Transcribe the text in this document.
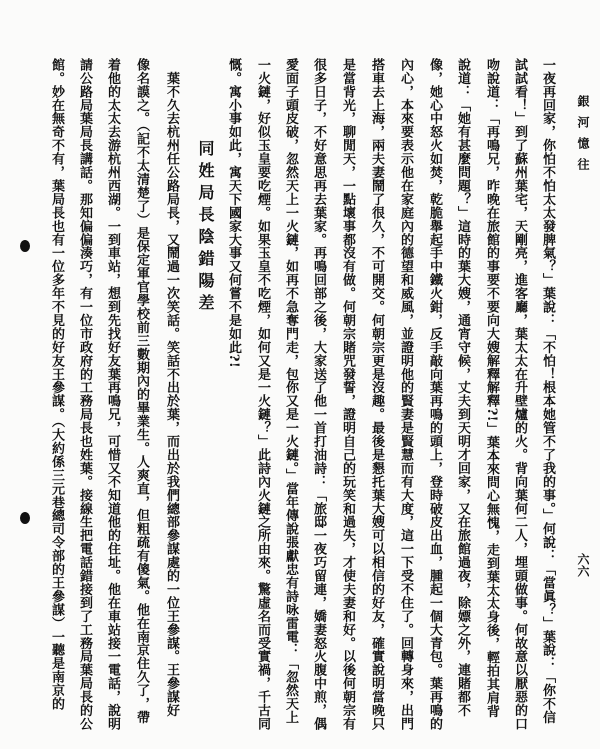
銀河憶往
六六
一夜再回家，你怕不怕太太發脾氣？」葉說：「不怕！根本她管不了我的事。」何說：「當眞？」葉說：「你不信
試試看！」到了蘇州葉宅，天剛亮，進客廳，葉太太在升壁爐的火。背向葉何二人，埋頭做事。何故意以厭惡的口
吻說道：「再鳴兄，昨晚在旅館的事要不要向大嫂解釋解釋?!」葉本來問心無愧，走到葉太太身後，輕拍其肩背
說道：「她有甚麼問題？」這時的葉大嫂，通宵守候，丈夫到天明才回家，又在旅館過夜，除嫖之外，連賭都不
像，她心中怒火如焚，乾脆舉起手中鐵火鉗，反手敲向葉再鳴的頭上，登時破皮出血，腫起一個大青包。葉再鳴的
內心，本來要表示他在家庭內的德望和威風，並證明他的賢妻是賢慧而有大度，這一下受不住了。回轉身來，出門
搭車去上海，兩夫妻鬧了很久，不可開交。何朝宗更是沒趣。最後是懇托葉大嫂可以相信的好友，確實說明當晚只
是當背光，聊閒天，一點壞事都沒有做。何朝宗賭咒發誓，證明自己的玩笑和過失，才使夫妻和好。以後何朝宗有
很多日子，不好意思再去葉家。再鳴回部之後，大家送了他一首打油詩：「旅邸一夜巧留連，嬌妻怒火腹中煎，偶
愛面子頭皮破，忽然天上一火鏈，如再不急奪門走，包你又是一火鏈。」當年傳說張獻忠有詩咏雷電：「忽然天上
一火鏈，好似玉皇要吃煙。如果玉皇不吃煙，如何又是一火鏈？」此詩內火鏈之所由來。驚虛名而受實禍，千古同
慨。寓小事如此，寓天下國家大事又何嘗不是如此?!
同姓局長陰錯陽差
　葉不久去杭州任公路局長，又鬧過一次笑話。笑話不出於葉，而出於我們總部參謀處的一位王參謀。王參謀好
像名謨之。（記不太清楚了）是保定軍官學校前三數期內的畢業生。人爽直，但粗疏有傻氣。他在南京住久了，帶
着他的太太去游杭州西湖。一到車站，想到先找好友葉再鳴兄，可惜又不知道他的住址。他在車站接一電話，說明
請公路局葉局長講話。那知偏偏湊巧，有一位市政府的工務局長也姓葉。接線生把電話錯接到了工務局葉局長的公
館。妙在無奇不有，葉局長也有一位多年不見的好友王參謀。（大約係三元巷總司令部的王參謀）一聽是南京的
